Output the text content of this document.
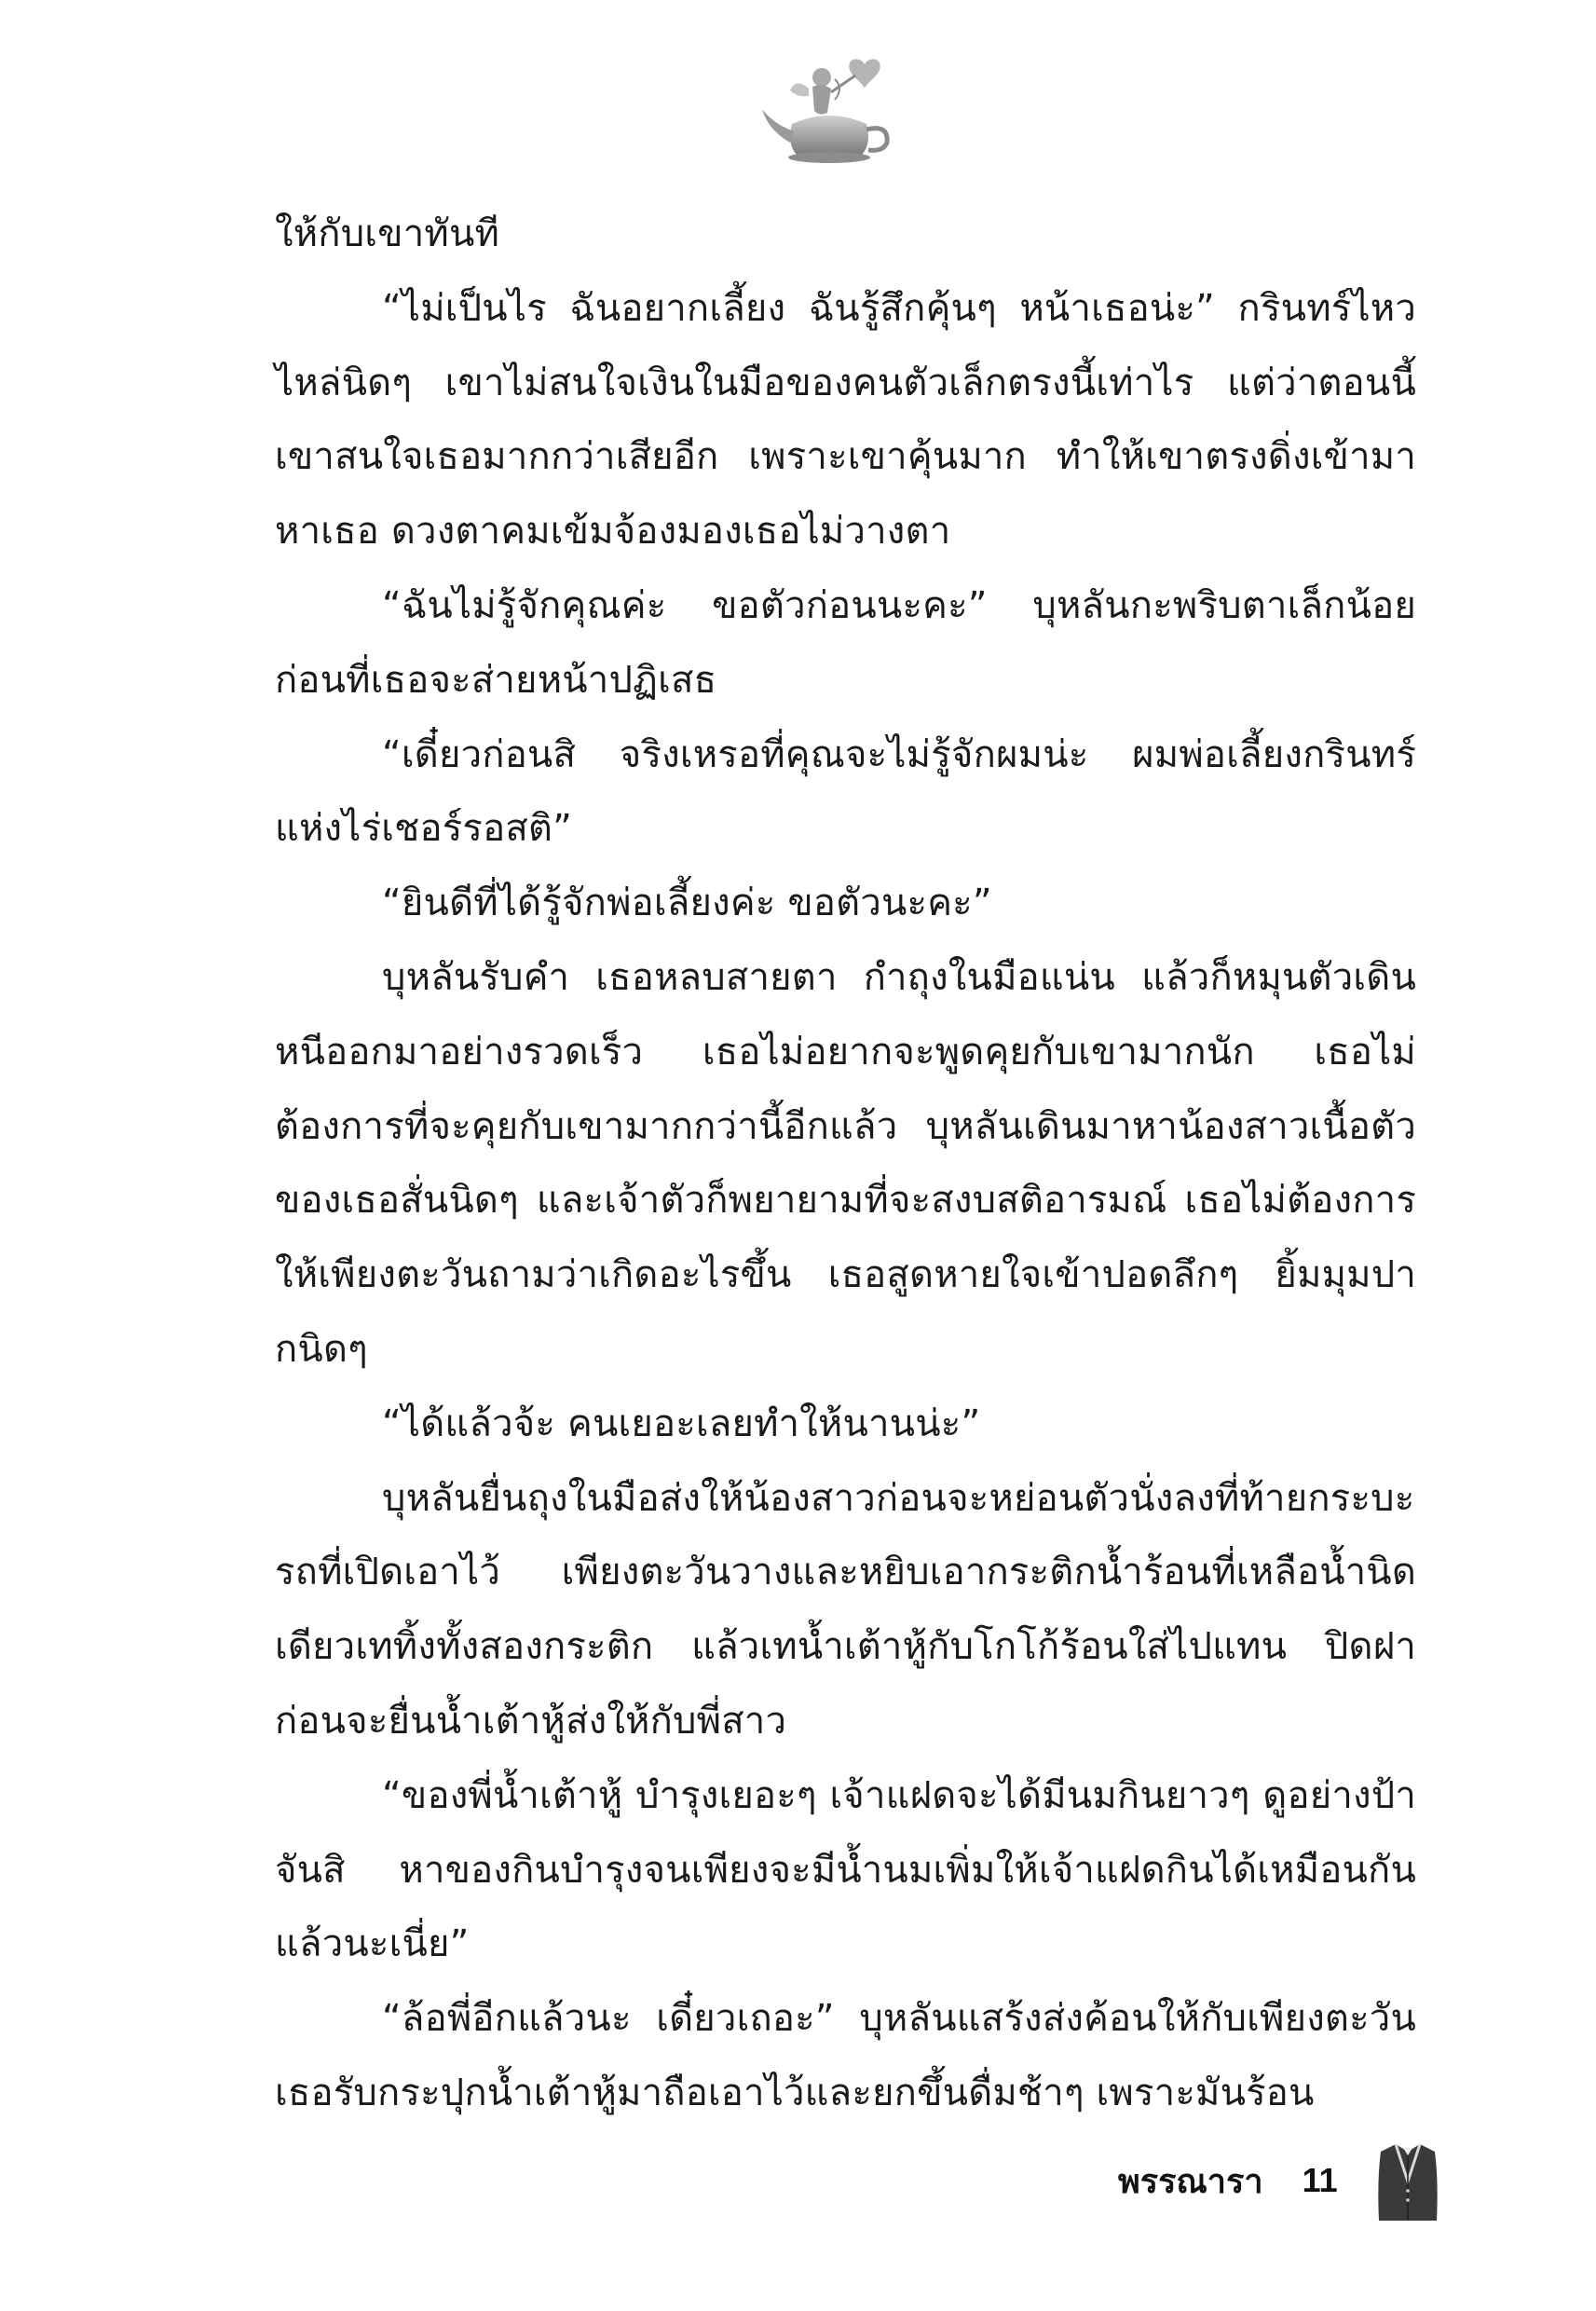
ให้กับเขาทันที

“ไม่เป็นไร ฉันอยากเลี้ยง ฉันรู้สึกคุ้นๆ หน้าเธอน่ะ” กรินทร์ไหวไหล่นิดๆ เขาไม่สนใจเงินในมือของคนตัวเล็กตรงนี้เท่าไร แต่ว่าตอนนี้เขาสนใจเธอมากกว่าเสียอีก เพราะเขาคุ้นมาก ทำให้เขาตรงดิ่งเข้ามาหาเธอ ดวงตาคมเข้มจ้องมองเธอไม่วางตา

“ฉันไม่รู้จักคุณค่ะ ขอตัวก่อนนะคะ” บุหลันกะพริบตาเล็กน้อยก่อนที่เธอจะส่ายหน้าปฏิเสธ

“เดี๋ยวก่อนสิ จริงเหรอที่คุณจะไม่รู้จักผมน่ะ ผมพ่อเลี้ยงกรินทร์แห่งไร่เชอร์รอสติ”

“ยินดีที่ได้รู้จักพ่อเลี้ยงค่ะ ขอตัวนะคะ”

บุหลันรับคำ เธอหลบสายตา กำถุงในมือแน่น แล้วก็หมุนตัวเดินหนีออกมาอย่างรวดเร็ว เธอไม่อยากจะพูดคุยกับเขามากนัก เธอไม่ต้องการที่จะคุยกับเขามากกว่านี้อีกแล้ว บุหลันเดินมาหาน้องสาวเนื้อตัวของเธอสั่นนิดๆ และเจ้าตัวก็พยายามที่จะสงบสติอารมณ์ เธอไม่ต้องการให้เพียงตะวันถามว่าเกิดอะไรขึ้น เธอสูดหายใจเข้าปอดลึกๆ ยิ้มมุมปากนิดๆ

“ได้แล้วจ้ะ คนเยอะเลยทำให้นานน่ะ”

บุหลันยื่นถุงในมือส่งให้น้องสาวก่อนจะหย่อนตัวนั่งลงที่ท้ายกระบะรถที่เปิดเอาไว้ เพียงตะวันวางและหยิบเอากระติกน้ำร้อนที่เหลือน้ำนิดเดียวเททิ้งทั้งสองกระติก แล้วเทน้ำเต้าหู้กับโกโก้ร้อนใส่ไปแทน ปิดฝาก่อนจะยื่นน้ำเต้าหู้ส่งให้กับพี่สาว

“ของพี่น้ำเต้าหู้ บำรุงเยอะๆ เจ้าแฝดจะได้มีนมกินยาวๆ ดูอย่างป้าจันสิ หาของกินบำรุงจนเพียงจะมีน้ำนมเพิ่มให้เจ้าแฝดกินได้เหมือนกันแล้วนะเนี่ย”

“ล้อพี่อีกแล้วนะ เดี๋ยวเถอะ” บุหลันแสร้งส่งค้อนให้กับเพียงตะวันเธอรับกระปุกน้ำเต้าหู้มาถือเอาไว้และยกขึ้นดื่มช้าๆ เพราะมันร้อน

พรรณารา 11
